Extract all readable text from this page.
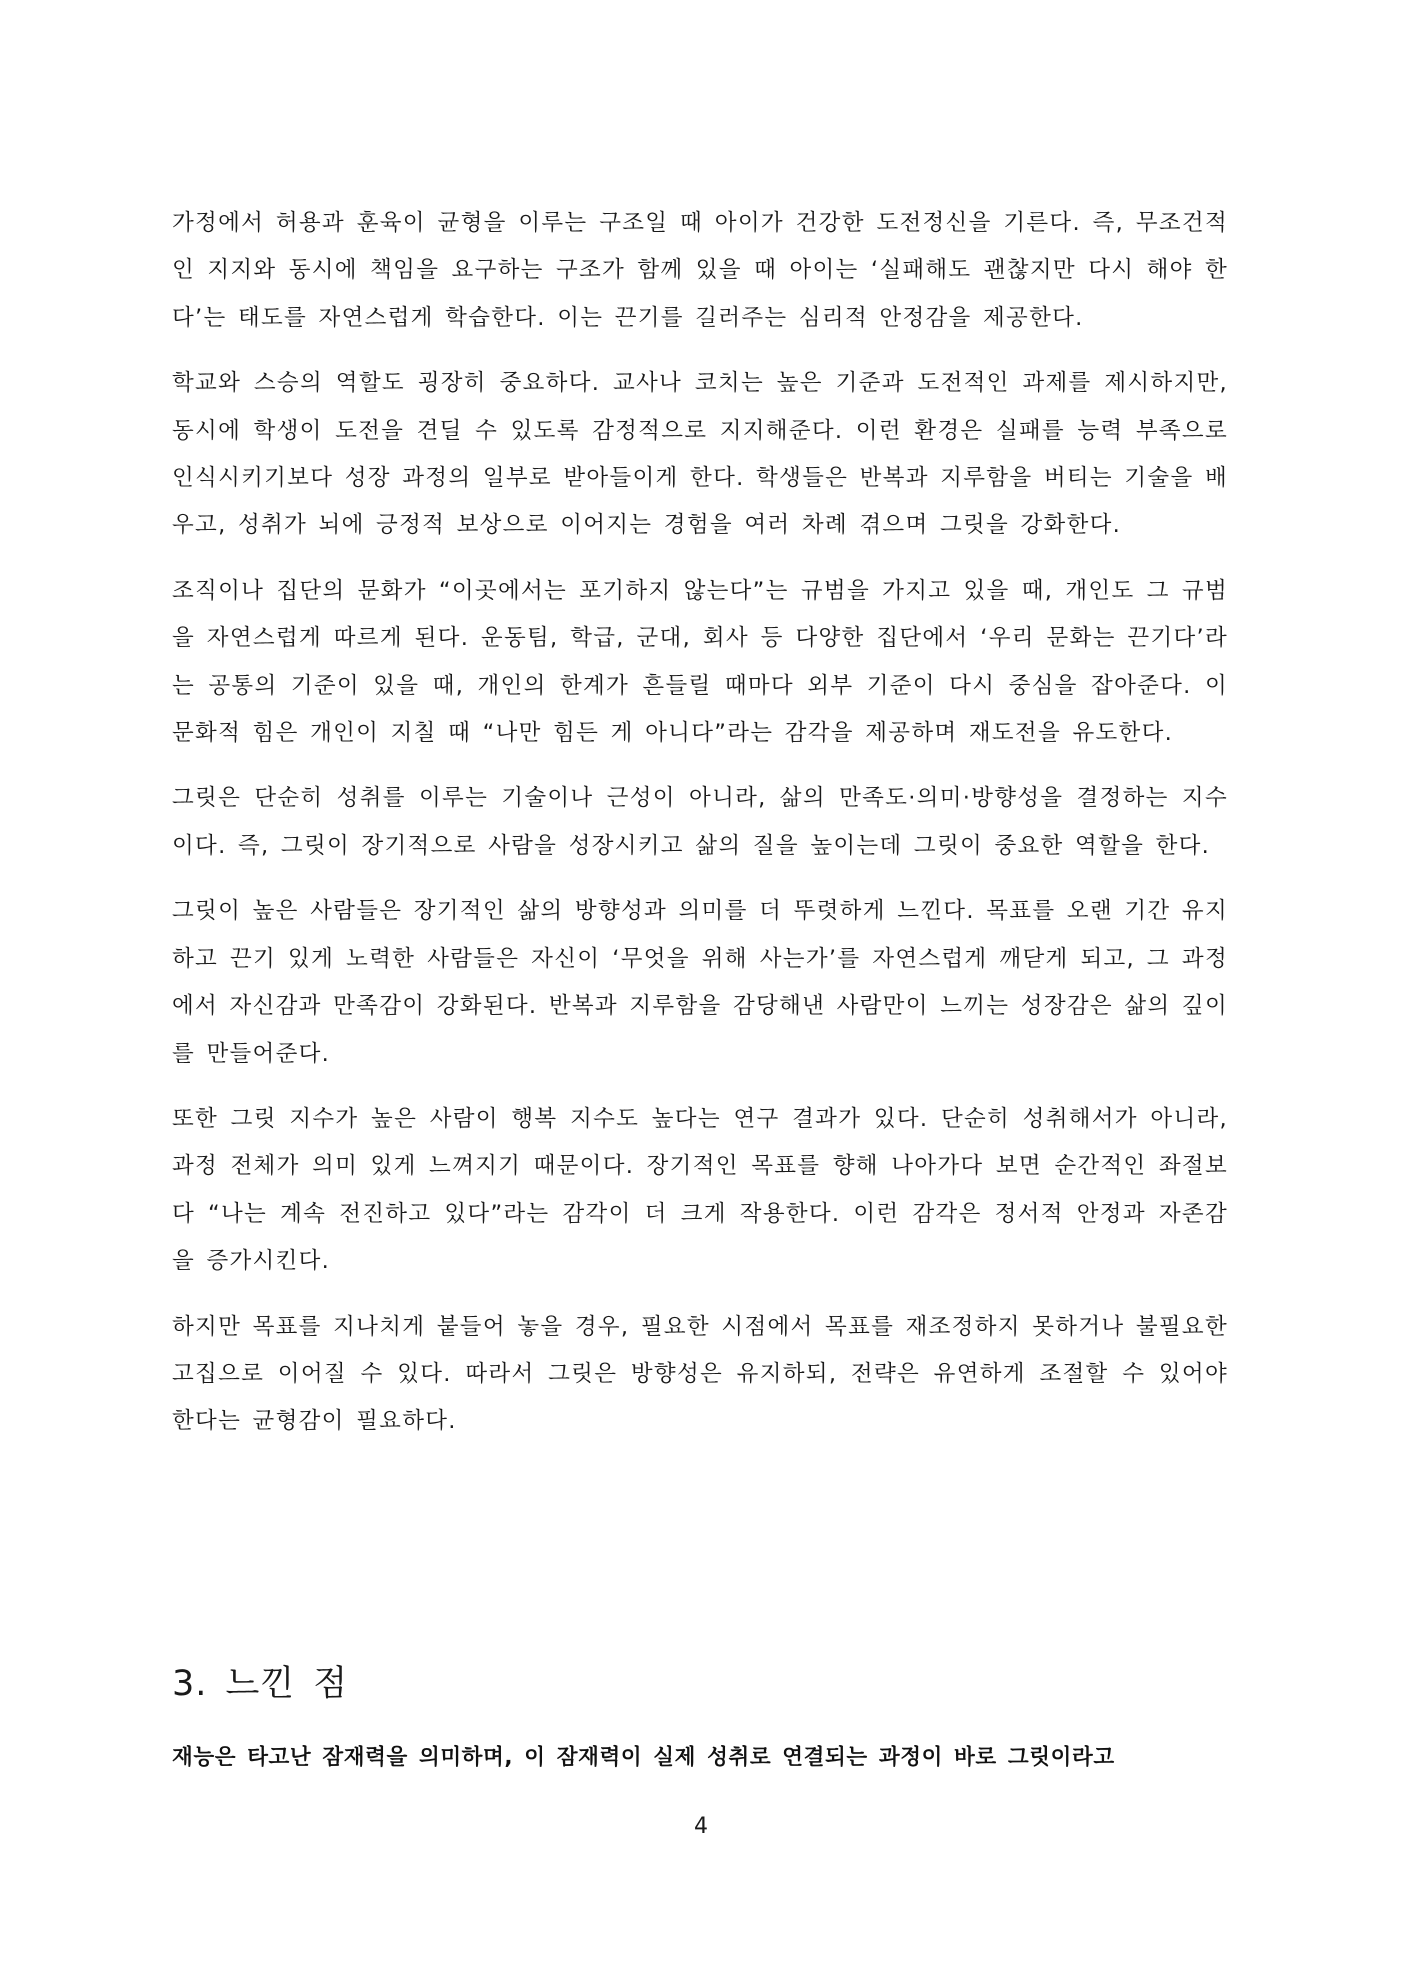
가정에서 허용과 훈육이 균형을 이루는 구조일 때 아이가 건강한 도전정신을 기른다. 즉, 무조건적인 지지와 동시에 책임을 요구하는 구조가 함께 있을 때 아이는 ‘실패해도 괜찮지만 다시 해야 한다’는 태도를 자연스럽게 학습한다. 이는 끈기를 길러주는 심리적 안정감을 제공한다.

학교와 스승의 역할도 굉장히 중요하다. 교사나 코치는 높은 기준과 도전적인 과제를 제시하지만, 동시에 학생이 도전을 견딜 수 있도록 감정적으로 지지해준다. 이런 환경은 실패를 능력 부족으로 인식시키기보다 성장 과정의 일부로 받아들이게 한다. 학생들은 반복과 지루함을 버티는 기술을 배우고, 성취가 뇌에 긍정적 보상으로 이어지는 경험을 여러 차례 겪으며 그릿을 강화한다.

조직이나 집단의 문화가 “이곳에서는 포기하지 않는다”는 규범을 가지고 있을 때, 개인도 그 규범을 자연스럽게 따르게 된다. 운동팀, 학급, 군대, 회사 등 다양한 집단에서 ‘우리 문화는 끈기다’라는 공통의 기준이 있을 때, 개인의 한계가 흔들릴 때마다 외부 기준이 다시 중심을 잡아준다. 이 문화적 힘은 개인이 지칠 때 “나만 힘든 게 아니다”라는 감각을 제공하며 재도전을 유도한다.

그릿은 단순히 성취를 이루는 기술이나 근성이 아니라, 삶의 만족도·의미·방향성을 결정하는 지수이다. 즉, 그릿이 장기적으로 사람을 성장시키고 삶의 질을 높이는데 그릿이 중요한 역할을 한다.

그릿이 높은 사람들은 장기적인 삶의 방향성과 의미를 더 뚜렷하게 느낀다. 목표를 오랜 기간 유지하고 끈기 있게 노력한 사람들은 자신이 ‘무엇을 위해 사는가’를 자연스럽게 깨닫게 되고, 그 과정에서 자신감과 만족감이 강화된다. 반복과 지루함을 감당해낸 사람만이 느끼는 성장감은 삶의 깊이를 만들어준다.

또한 그릿 지수가 높은 사람이 행복 지수도 높다는 연구 결과가 있다. 단순히 성취해서가 아니라, 과정 전체가 의미 있게 느껴지기 때문이다. 장기적인 목표를 향해 나아가다 보면 순간적인 좌절보다 “나는 계속 전진하고 있다”라는 감각이 더 크게 작용한다. 이런 감각은 정서적 안정과 자존감을 증가시킨다.

하지만 목표를 지나치게 붙들어 놓을 경우, 필요한 시점에서 목표를 재조정하지 못하거나 불필요한 고집으로 이어질 수 있다. 따라서 그릿은 방향성은 유지하되, 전략은 유연하게 조절할 수 있어야 한다는 균형감이 필요하다.

3. 느낀 점

재능은 타고난 잠재력을 의미하며, 이 잠재력이 실제 성취로 연결되는 과정이 바로 그릿이라고

4
